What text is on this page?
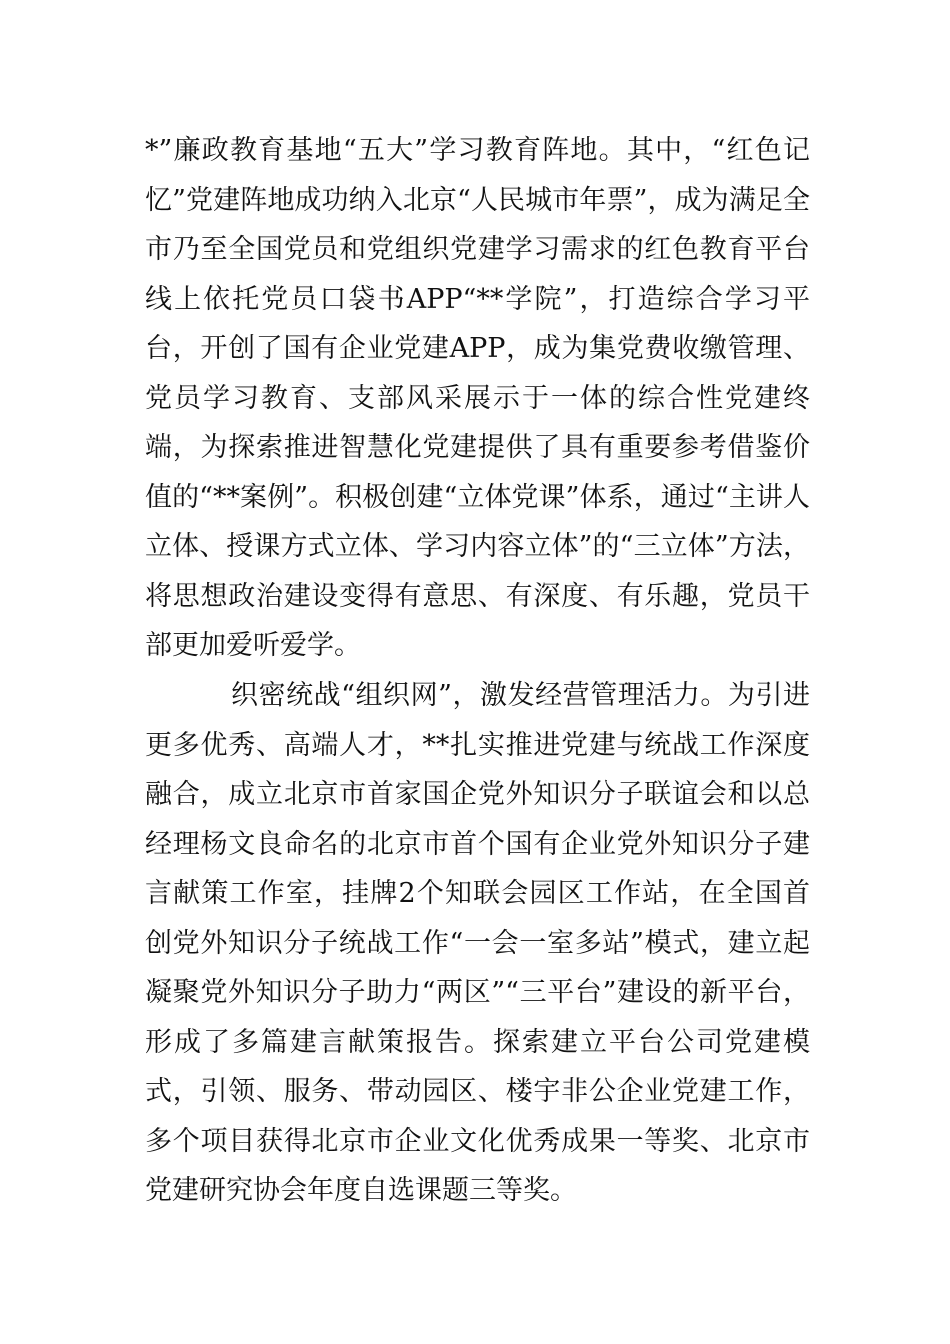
*”廉政教育基地“五大”学习教育阵地。其中，“红色记忆”党建阵地成功纳入北京“人民城市年票”，成为满足全市乃至全国党员和党组织党建学习需求的红色教育平台线上依托党员口袋书APP“**学院”，打造综合学习平台，开创了国有企业党建APP，成为集党费收缴管理、党员学习教育、支部风采展示于一体的综合性党建终端，为探索推进智慧化党建提供了具有重要参考借鉴价值的“**案例”。积极创建“立体党课”体系，通过“主讲人立体、授课方式立体、学习内容立体”的“三立体”方法，将思想政治建设变得有意思、有深度、有乐趣，党员干部更加爱听爱学。

织密统战“组织网”，激发经营管理活力。为引进更多优秀、高端人才，**扎实推进党建与统战工作深度融合，成立北京市首家国企党外知识分子联谊会和以总经理杨文良命名的北京市首个国有企业党外知识分子建言献策工作室，挂牌2个知联会园区工作站，在全国首创党外知识分子统战工作“一会一室多站”模式，建立起凝聚党外知识分子助力“两区”“三平台”建设的新平台，形成了多篇建言献策报告。探索建立平台公司党建模式，引领、服务、带动园区、楼宇非公企业党建工作，多个项目获得北京市企业文化优秀成果一等奖、北京市党建研究协会年度自选课题三等奖。
